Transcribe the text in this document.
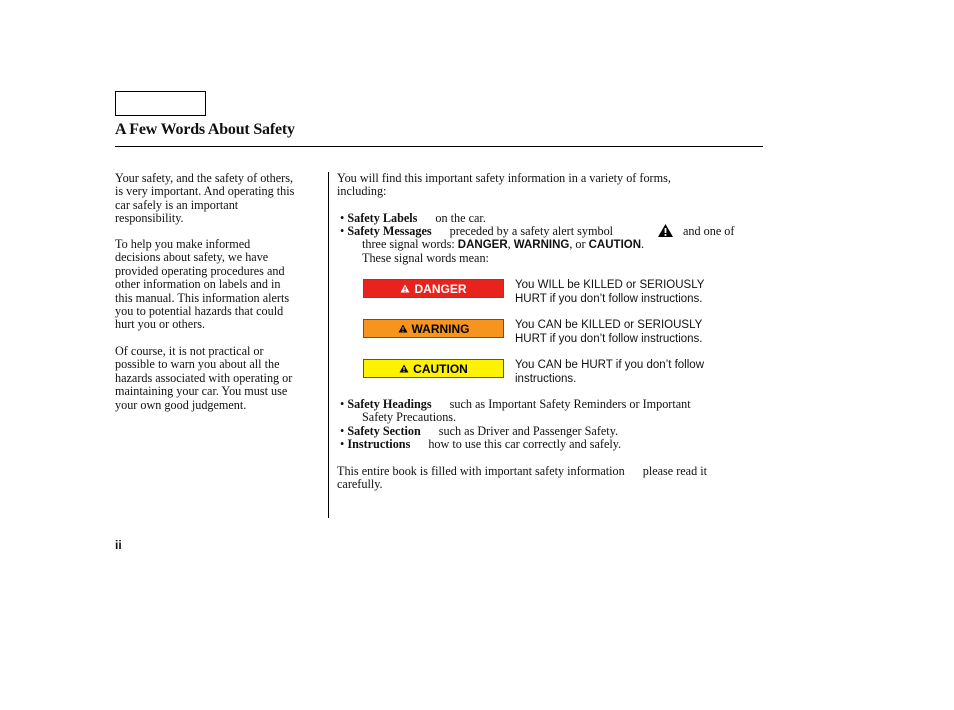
A Few Words About Safety
Your safety, and the safety of others,
is very important. And operating this
car safely is an important
responsibility.
To help you make informed
decisions about safety, we have
provided operating procedures and
other information on labels and in
this manual. This information alerts
you to potential hazards that could
hurt you or others.
Of course, it is not practical or
possible to warn you about all the
hazards associated with operating or
maintaining your car. You must use
your own good judgement.
You will find this important safety information in a variety of forms,
including:
• Safety Labels on the car.
• Safety Messages preceded by a safety alert symbol	and one of
three signal words: DANGER, WARNING, or CAUTION.
These signal words mean:
DANGER	You WILL be KILLED or SERIOUSLY
HURT if you don’t follow instructions.
WARNING	You CAN be KILLED or SERIOUSLY
HURT if you don’t follow instructions.
CAUTION	You CAN be HURT if you don’t follow
instructions.
• Safety Headings such as Important Safety Reminders or Important
Safety Precautions.
• Safety Section such as Driver and Passenger Safety.
• Instructions how to use this car correctly and safely.
This entire book is filled with important safety information please read it
carefully.
ii
